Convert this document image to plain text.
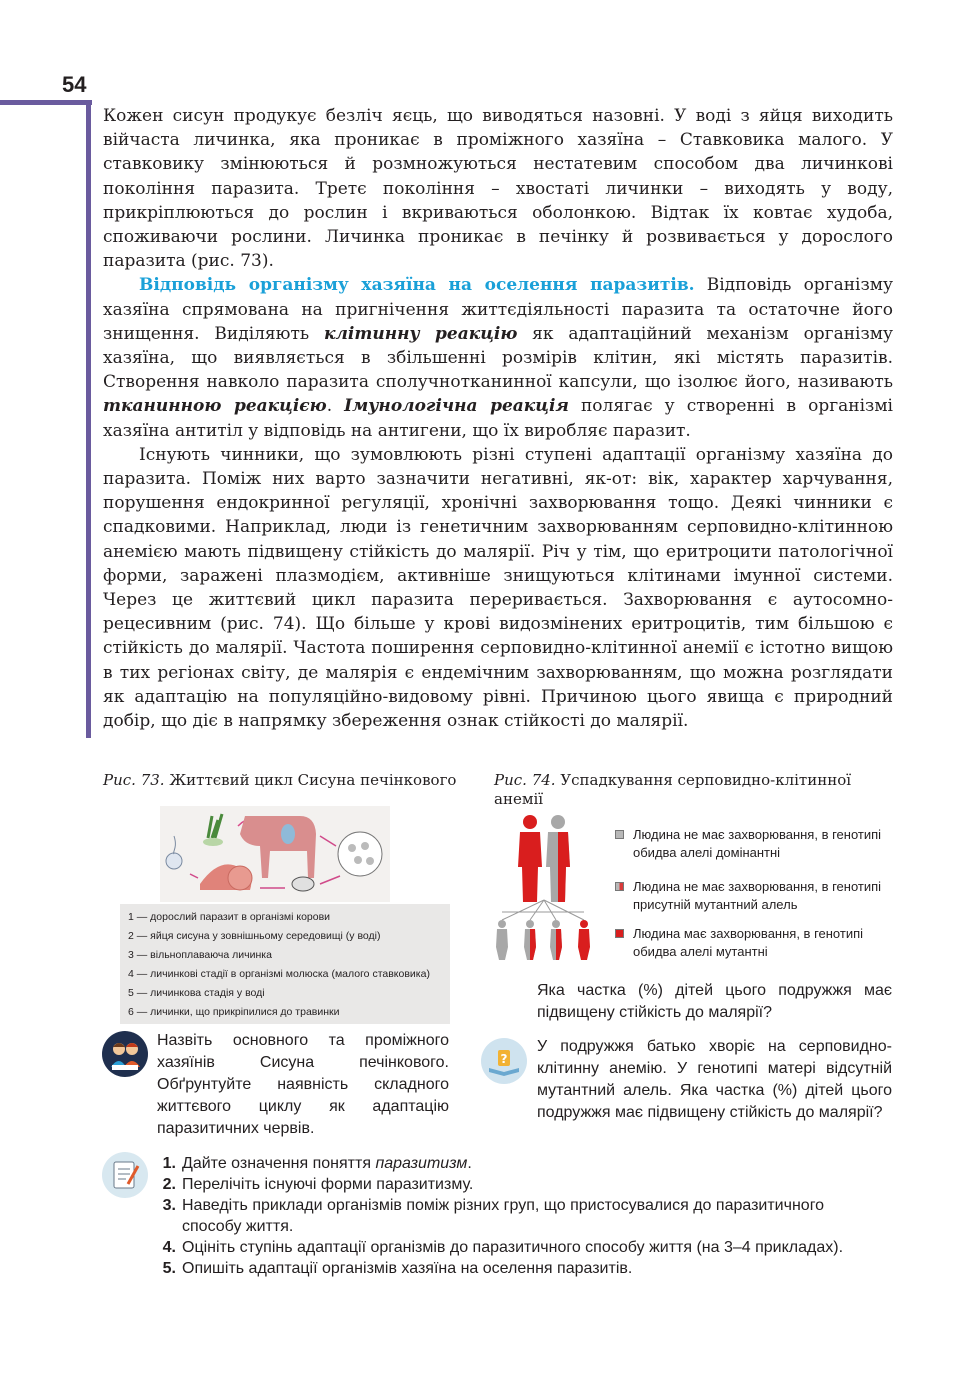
54

Кожен сисун продукує безліч яєць, що виводяться назовні. У воді з яйця виходить війчаста личинка, яка проникає в проміжного хазяїна – Ставковика малого. У ставковику змінюються й розмножуються нестатевим способом два личинкові покоління паразита. Третє покоління – хвостаті личинки – виходять у воду, прикріплюються до рослин і вкриваються оболонкою. Відтак їх ковтає худоба, споживаючи рослини. Личинка проникає в печінку й розвивається у дорослого паразита (рис. 73).

Відповідь організму хазяїна на оселення паразитів. Відповідь організму хазяїна спрямована на пригнічення життєдіяльності паразита та остаточне його знищення. Виділяють клітинну реакцію як адаптаційний механізм організму хазяїна, що виявляється в збільшенні розмірів клітин, які містять паразитів. Створення навколо паразита сполучнотканинної капсули, що ізолює його, називають тканинною реакцією. Імунологічна реакція полягає у створенні в організмі хазяїна антитіл у відповідь на антигени, що їх виробляє паразит.

Існують чинники, що зумовлюють різні ступені адаптації організму хазяїна до паразита. Поміж них варто зазначити негативні, як-от: вік, характер харчування, порушення ендокринної регуляції, хронічні захворювання тощо. Деякі чинники є спадковими. Наприклад, люди із генетичним захворюванням серповидно-клітинною анемією мають підвищену стійкість до малярії. Річ у тім, що еритроцити патологічної форми, заражені плазмодієм, активніше знищуються клітинами імунної системи. Через це життєвий цикл паразита переривається. Захворювання є аутосомно-рецесивним (рис. 74). Що більше у крові видозмінених еритроцитів, тим більшою є стійкість до малярії. Частота поширення серповидно-клітинної анемії є істотно вищою в тих регіонах світу, де малярія є ендемічним захворюванням, що можна розглядати як адаптацію на популяційно-видовому рівні. Причиною цього явища є природний добір, що діє в напрямку збереження ознак стійкості до малярії.

Рис. 73. Життєвий цикл Сисуна печінкового
1 — дорослий паразит в організмі корови
2 — яйця сисуна у зовнішньому середовищі (у воді)
3 — вільноплаваюча личинка
4 — личинкові стадії в організмі молюска (малого ставковика)
5 — личинкова стадія у воді
6 — личинки, що прикріпилися до травинки
Рис. 74. Успадкування серповидно-клітинної анемії
Людина не має захворювання, в генотипі обидва алелі домінантні
Людина не має захворювання, в генотипі присутній мутантний алель
Людина має захворювання, в генотипі обидва алелі мутантні
Яка частка (%) дітей цього подружжя має підвищену стійкість до малярії?
Назвіть основного та проміжного хазяїнів Сисуна печінкового. Обґрунтуйте наявність складного життєвого циклу як адаптацію паразитичних червів.
?
У подружжя батько хворіє на серповидно-клітинну анемію. У генотипі матері відсутній мутантний алель. Яка частка (%) дітей цього подружжя має підвищену стійкість до малярії?
1. Дайте означення поняття паразитизм.
2. Перелічіть існуючі форми паразитизму.
3. Наведіть приклади організмів поміж різних груп, що пристосувалися до паразитичного способу життя.
4. Оцініть ступінь адаптації організмів до паразитичного способу життя (на 3–4 прикладах).
5. Опишіть адаптації організмів хазяїна на оселення паразитів.
